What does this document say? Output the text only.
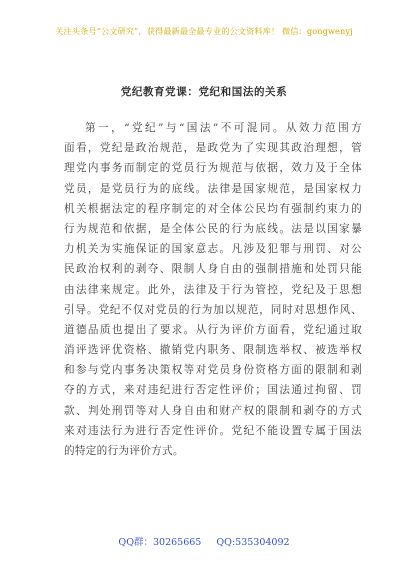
关注头条号“公文研究”，获得最新最全最专业的公文资料库！ 微信：gongwenyj
党纪教育党课：党纪和国法的关系
第一，“党纪”与“国法”不可混同。从效力范围方
面看，党纪是政治规范，是政党为了实现其政治理想，管
理党内事务而制定的党员行为规范与依据，效力及于全体
党员，是党员行为的底线。法律是国家规范，是国家权力
机关根据法定的程序制定的对全体公民均有强制约束力的
行为规范和依据，是全体公民的行为底线。法是以国家暴
力机关为实施保证的国家意志。凡涉及犯罪与刑罚、对公
民政治权利的剥夺、限制人身自由的强制措施和处罚只能
由法律来规定。此外，法律及于行为管控，党纪及于思想
引导。党纪不仅对党员的行为加以规范，同时对思想作风、
道德品质也提出了要求。从行为评价方面看，党纪通过取
消评选评优资格、撤销党内职务、限制选举权、被选举权
和参与党内事务决策权等对党员身份资格方面的限制和剥
夺的方式，来对违纪进行否定性评价；国法通过拘留、罚
款、判处刑罚等对人身自由和财产权的限制和剥夺的方式
来对违法行为进行否定性评价。党纪不能设置专属于国法
的特定的行为评价方式。
QQ群：30265665 QQ:535304092
